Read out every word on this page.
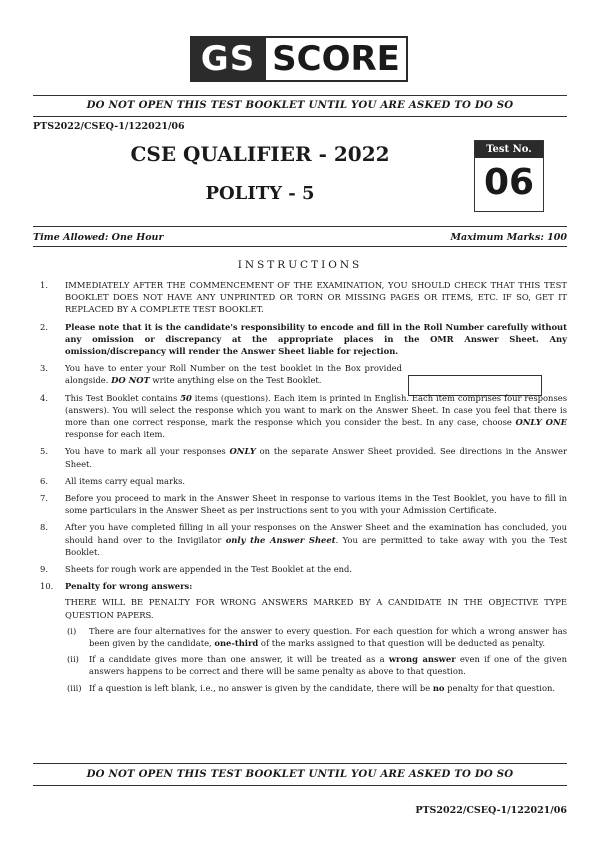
GS SCORE
DO NOT OPEN THIS TEST BOOKLET UNTIL YOU ARE ASKED TO DO SO
PTS2022/CSEQ-1/122021/06
CSE QUALIFIER - 2022
POLITY - 5
Test No.
06
Time Allowed: One Hour	Maximum Marks: 100
INSTRUCTIONS
1.	IMMEDIATELY AFTER THE COMMENCEMENT OF THE EXAMINATION, YOU SHOULD CHECK THAT THIS TEST BOOKLET DOES NOT HAVE ANY UNPRINTED OR TORN OR MISSING PAGES OR ITEMS, ETC. IF SO, GET IT REPLACED BY A COMPLETE TEST BOOKLET.
2.	Please note that it is the candidate's responsibility to encode and fill in the Roll Number carefully without any omission or discrepancy at the appropriate places in the OMR Answer Sheet. Any omission/discrepancy will render the Answer Sheet liable for rejection.
3.	You have to enter your Roll Number on the test booklet in the Box provided alongside. DO NOT write anything else on the Test Booklet.
4.	This Test Booklet contains 50 items (questions). Each item is printed in English. Each item comprises four responses (answers). You will select the response which you want to mark on the Answer Sheet. In case you feel that there is more than one correct response, mark the response which you consider the best. In any case, choose ONLY ONE response for each item.
5.	You have to mark all your responses ONLY on the separate Answer Sheet provided. See directions in the Answer Sheet.
6.	All items carry equal marks.
7.	Before you proceed to mark in the Answer Sheet in response to various items in the Test Booklet, you have to fill in some particulars in the Answer Sheet as per instructions sent to you with your Admission Certificate.
8.	After you have completed filling in all your responses on the Answer Sheet and the examination has concluded, you should hand over to the Invigilator only the Answer Sheet. You are permitted to take away with you the Test Booklet.
9.	Sheets for rough work are appended in the Test Booklet at the end.
10.	Penalty for wrong answers:
THERE WILL BE PENALTY FOR WRONG ANSWERS MARKED BY A CANDIDATE IN THE OBJECTIVE TYPE QUESTION PAPERS.
(i)	There are four alternatives for the answer to every question. For each question for which a wrong answer has been given by the candidate, one-third of the marks assigned to that question will be deducted as penalty.
(ii)	If a candidate gives more than one answer, it will be treated as a wrong answer even if one of the given answers happens to be correct and there will be same penalty as above to that question.
(iii) If a question is left blank, i.e., no answer is given by the candidate, there will be no penalty for that question.
DO NOT OPEN THIS TEST BOOKLET UNTIL YOU ARE ASKED TO DO SO
PTS2022/CSEQ-1/122021/06
